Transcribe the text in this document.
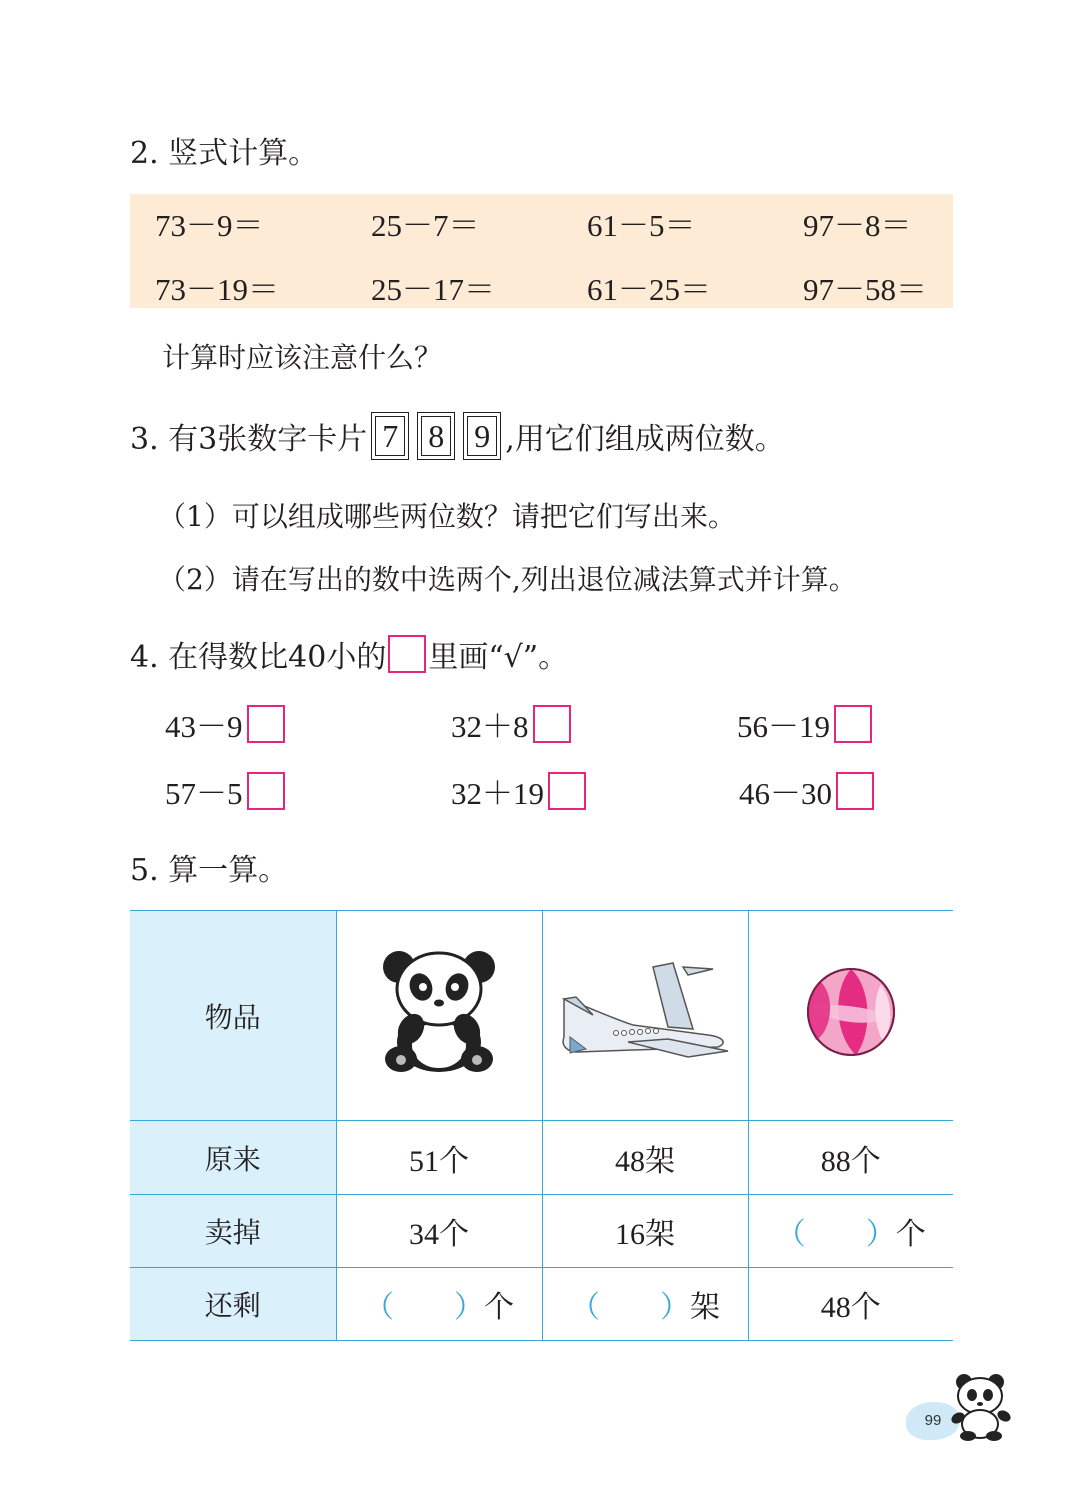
2. 竖式计算。
73－9＝	25－7＝	61－5＝	97－8＝
73－19＝	25－17＝	61－25＝	97－58＝
计算时应该注意什么？
3. 有3张数字卡片 7 8 9 ,用它们组成两位数。
（1）可以组成哪些两位数？请把它们写出来。
（2）请在写出的数中选两个,列出退位减法算式并计算。
4. 在得数比40小的 里画“√”。
43－9	32＋8	56－19
57－5	32＋19	46－30
5. 算一算。
物品			
原来	51个	48架	88个
卖掉	34个	16架	（　　）个
还剩	（　　）个	（　　）架	48个
99
